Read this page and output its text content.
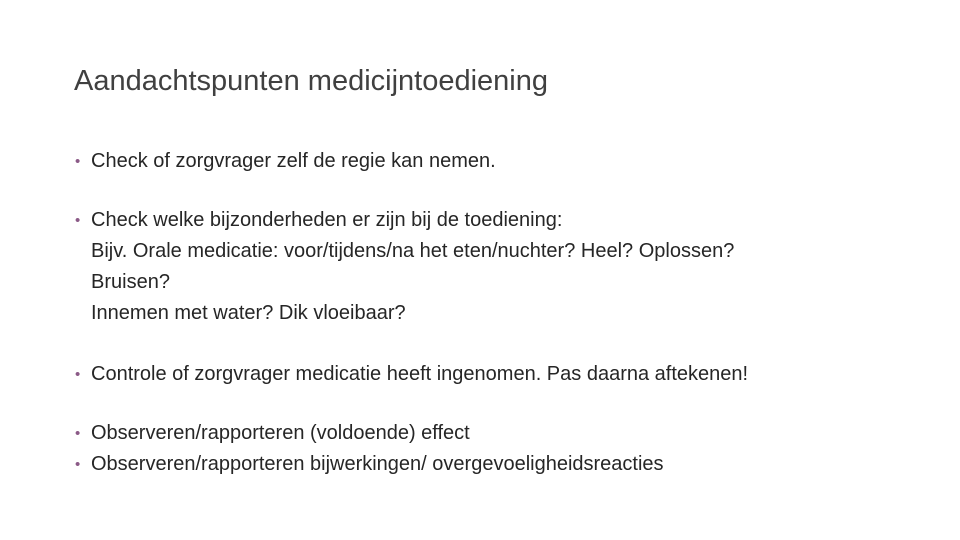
Aandachtspunten medicijntoediening
• Check of zorgvrager zelf de regie kan nemen.
• Check welke bijzonderheden er zijn bij de toediening:
Bijv. Orale medicatie: voor/tijdens/na het eten/nuchter? Heel? Oplossen?
Bruisen?
Innemen met water? Dik vloeibaar?
• Controle of zorgvrager medicatie heeft ingenomen. Pas daarna aftekenen!
• Observeren/rapporteren (voldoende) effect
• Observeren/rapporteren bijwerkingen/ overgevoeligheidsreacties
